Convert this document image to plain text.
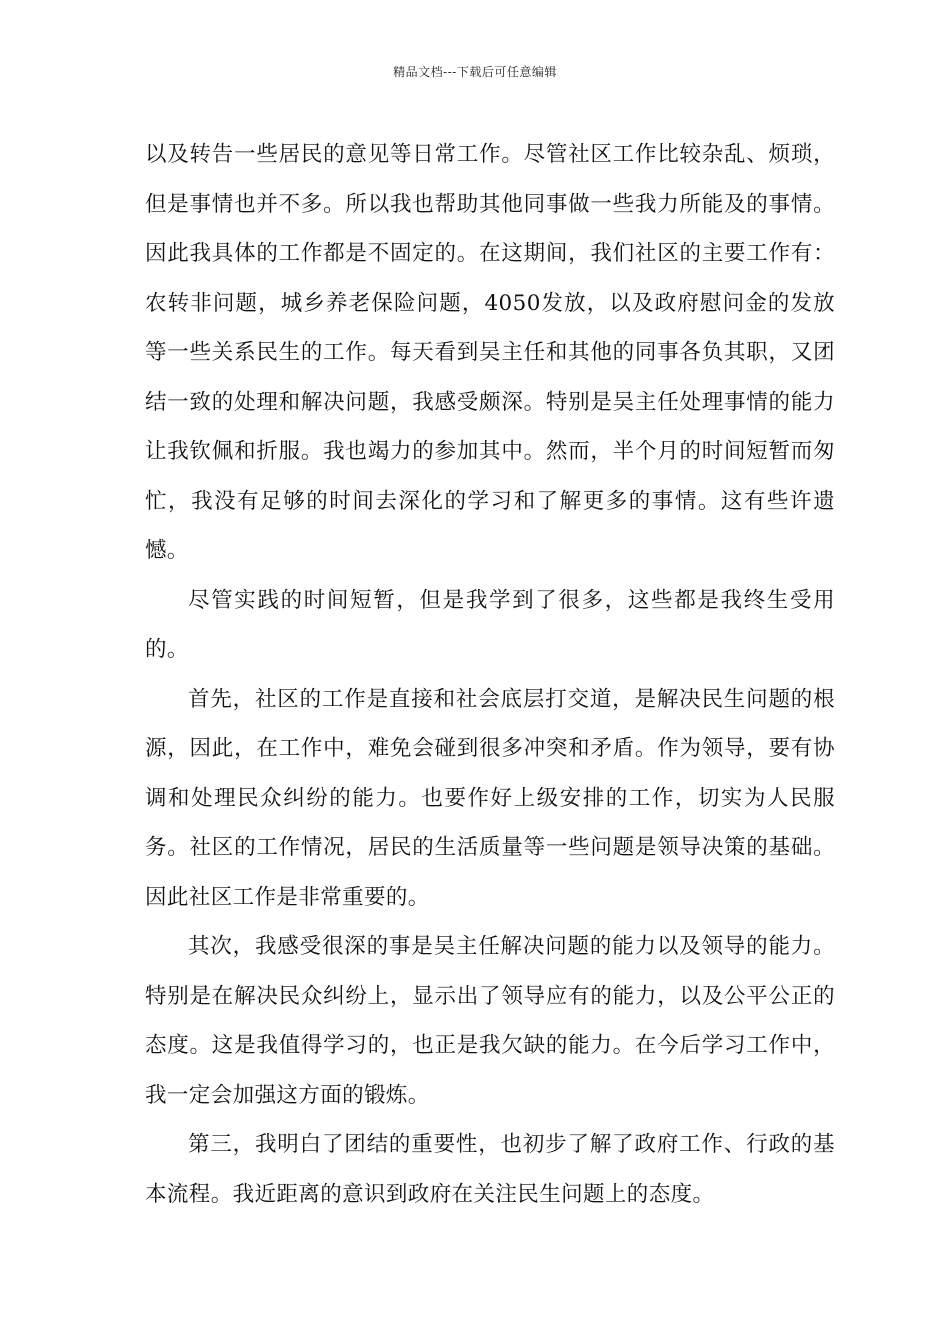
精品文档---下载后可任意编辑

以及转告一些居民的意见等日常工作。尽管社区工作比较杂乱、烦琐，但是事情也并不多。所以我也帮助其他同事做一些我力所能及的事情。因此我具体的工作都是不固定的。在这期间，我们社区的主要工作有：农转非问题，城乡养老保险问题，4050发放，以及政府慰问金的发放等一些关系民生的工作。每天看到吴主任和其他的同事各负其职，又团结一致的处理和解决问题，我感受颇深。特别是吴主任处理事情的能力让我钦佩和折服。我也竭力的参加其中。然而，半个月的时间短暂而匆忙，我没有足够的时间去深化的学习和了解更多的事情。这有些许遗憾。

尽管实践的时间短暂，但是我学到了很多，这些都是我终生受用的。

首先，社区的工作是直接和社会底层打交道，是解决民生问题的根源，因此，在工作中，难免会碰到很多冲突和矛盾。作为领导，要有协调和处理民众纠纷的能力。也要作好上级安排的工作，切实为人民服务。社区的工作情况，居民的生活质量等一些问题是领导决策的基础。因此社区工作是非常重要的。

其次，我感受很深的事是吴主任解决问题的能力以及领导的能力。特别是在解决民众纠纷上，显示出了领导应有的能力，以及公平公正的态度。这是我值得学习的，也正是我欠缺的能力。在今后学习工作中，我一定会加强这方面的锻炼。

第三，我明白了团结的重要性，也初步了解了政府工作、行政的基本流程。我近距离的意识到政府在关注民生问题上的态度。
